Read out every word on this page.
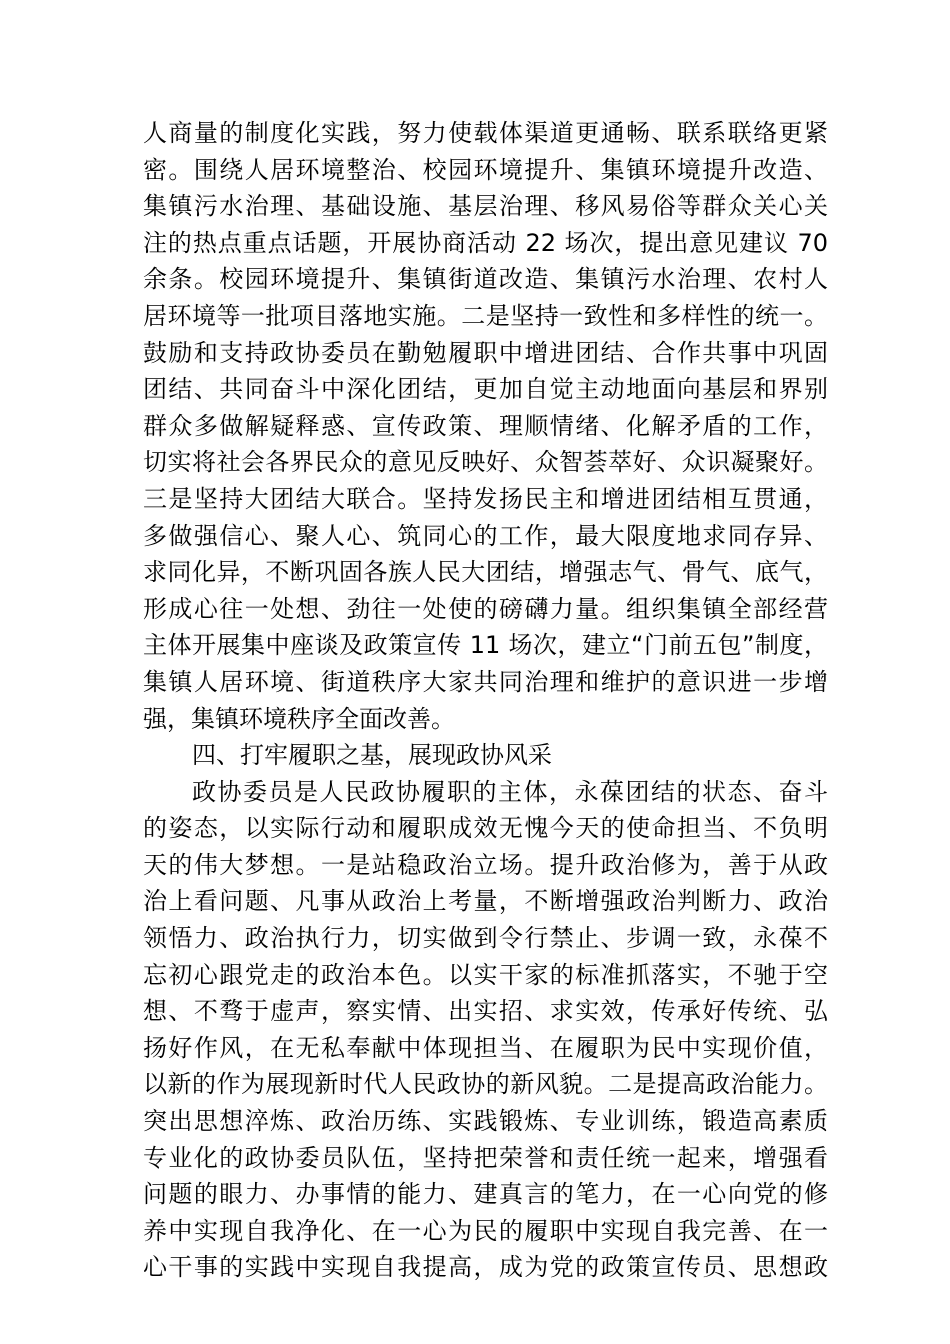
人商量的制度化实践，努力使载体渠道更通畅、联系联络更紧
密。围绕人居环境整治、校园环境提升、集镇环境提升改造、
集镇污水治理、基础设施、基层治理、移风易俗等群众关心关
注的热点重点话题，开展协商活动 22 场次，提出意见建议 70
余条。校园环境提升、集镇街道改造、集镇污水治理、农村人
居环境等一批项目落地实施。二是坚持一致性和多样性的统一。
鼓励和支持政协委员在勤勉履职中增进团结、合作共事中巩固
团结、共同奋斗中深化团结，更加自觉主动地面向基层和界别
群众多做解疑释惑、宣传政策、理顺情绪、化解矛盾的工作，
切实将社会各界民众的意见反映好、众智荟萃好、众识凝聚好。
三是坚持大团结大联合。坚持发扬民主和增进团结相互贯通，
多做强信心、聚人心、筑同心的工作，最大限度地求同存异、
求同化异，不断巩固各族人民大团结，增强志气、骨气、底气，
形成心往一处想、劲往一处使的磅礴力量。组织集镇全部经营
主体开展集中座谈及政策宣传 11 场次，建立“门前五包”制度，
集镇人居环境、街道秩序大家共同治理和维护的意识进一步增
强，集镇环境秩序全面改善。
四、打牢履职之基，展现政协风采
政协委员是人民政协履职的主体，永葆团结的状态、奋斗
的姿态，以实际行动和履职成效无愧今天的使命担当、不负明
天的伟大梦想。一是站稳政治立场。提升政治修为，善于从政
治上看问题、凡事从政治上考量，不断增强政治判断力、政治
领悟力、政治执行力，切实做到令行禁止、步调一致，永葆不
忘初心跟党走的政治本色。以实干家的标准抓落实，不驰于空
想、不骛于虚声，察实情、出实招、求实效，传承好传统、弘
扬好作风，在无私奉献中体现担当、在履职为民中实现价值，
以新的作为展现新时代人民政协的新风貌。二是提高政治能力。
突出思想淬炼、政治历练、实践锻炼、专业训练，锻造高素质
专业化的政协委员队伍，坚持把荣誉和责任统一起来，增强看
问题的眼力、办事情的能力、建真言的笔力，在一心向党的修
养中实现自我净化、在一心为民的履职中实现自我完善、在一
心干事的实践中实现自我提高，成为党的政策宣传员、思想政
